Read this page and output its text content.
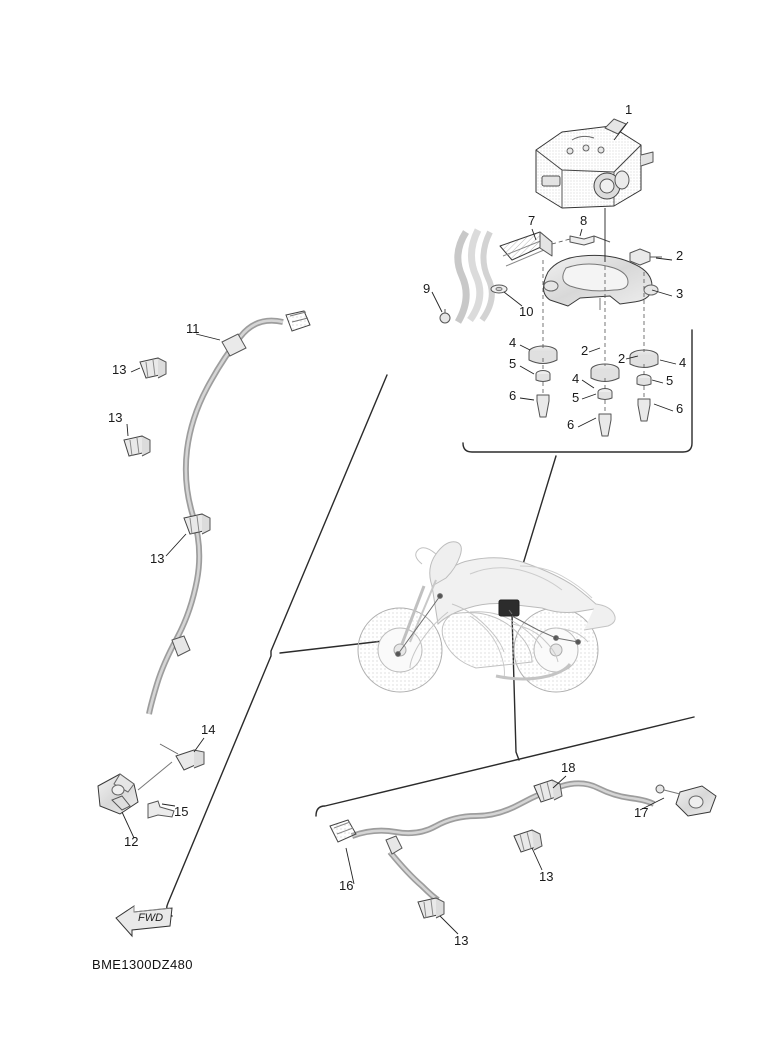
1
2
3
7	8
9
10
4
2
2	4
5
4	5
5
6
6
6
11
13
13
13
14
15
12
18
17
16
13
13
FWD
BME1300DZ480
